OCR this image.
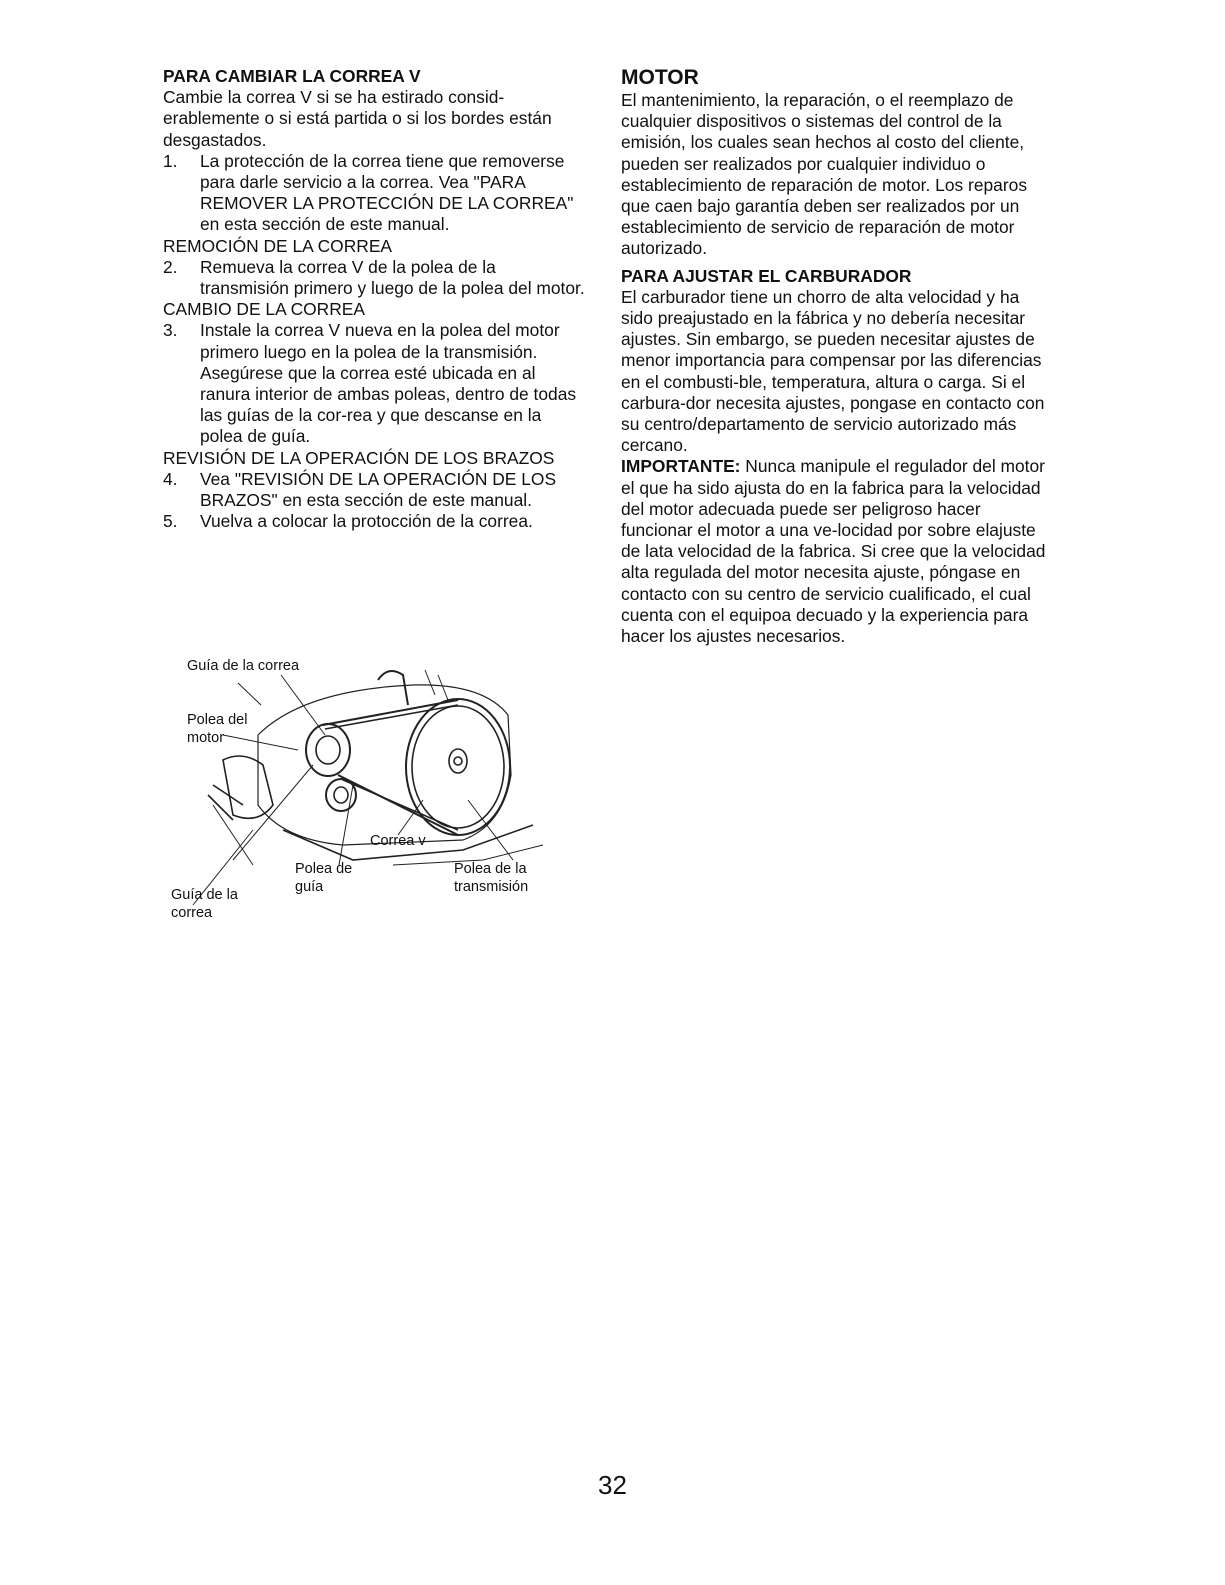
PARA CAMBIAR LA CORREA V

Cambie la correa V si se ha estirado consid-erablemente o si está partida o si los bordes están desgastados.

1.	La protección de la correa tiene que removerse para darle servicio a la correa. Vea "PARA REMOVER LA PROTECCIÓN DE LA CORREA" en esta sección de este manual.

REMOCIÓN DE LA CORREA

2.	Remueva la correa V de la polea de la transmisión primero y luego de la polea del motor.

CAMBIO DE LA CORREA

3.	Instale la correa V nueva en la polea del motor primero luego en la polea de la transmisión. Asegúrese que la correa esté ubicada en al ranura interior de ambas poleas, dentro de todas las guías de la cor-rea y que descanse en la polea de guía.

REVISIÓN DE LA OPERACIÓN DE LOS BRAZOS

4.	Vea "REVISIÓN DE LA OPERACIÓN DE LOS BRAZOS" en esta sección de este manual.
5.	Vuelva a colocar la protocción de la correa.
Guía de la correa
Polea del
motor
Correa v
Polea de
guía
Polea de la
transmisión
Guía de la
correa

MOTOR

El mantenimiento, la reparación, o el reemplazo de cualquier dispositivos o sistemas del control de la emisión, los cuales sean hechos al costo del cliente, pueden ser realizados por cualquier individuo o establecimiento de reparación de motor. Los reparos que caen bajo garantía deben ser realizados por un establecimiento de servicio de reparación de motor autorizado.

PARA AJUSTAR EL CARBURADOR

El carburador tiene un chorro de alta velocidad y ha sido preajustado en la fábrica y no debería necesitar ajustes. Sin embargo, se pueden necesitar ajustes de menor importancia para compensar por las diferencias en el combusti-ble, temperatura, altura o carga. Si el carbura-dor necesita ajustes, pongase en contacto con su centro/departamento de servicio autorizado más cercano.

IMPORTANTE: Nunca manipule el regulador del motor el que ha sido ajusta do en la fabrica para la velocidad del motor adecuada puede ser peligroso hacer funcionar el motor a una ve-locidad por sobre elajuste de lata velocidad de la fabrica. Si cree que la velocidad alta regulada del motor necesita ajuste, póngase en contacto con su centro de servicio cualificado, el cual cuenta con el equipoa decuado y la experiencia para hacer los ajustes necesarios.

32
